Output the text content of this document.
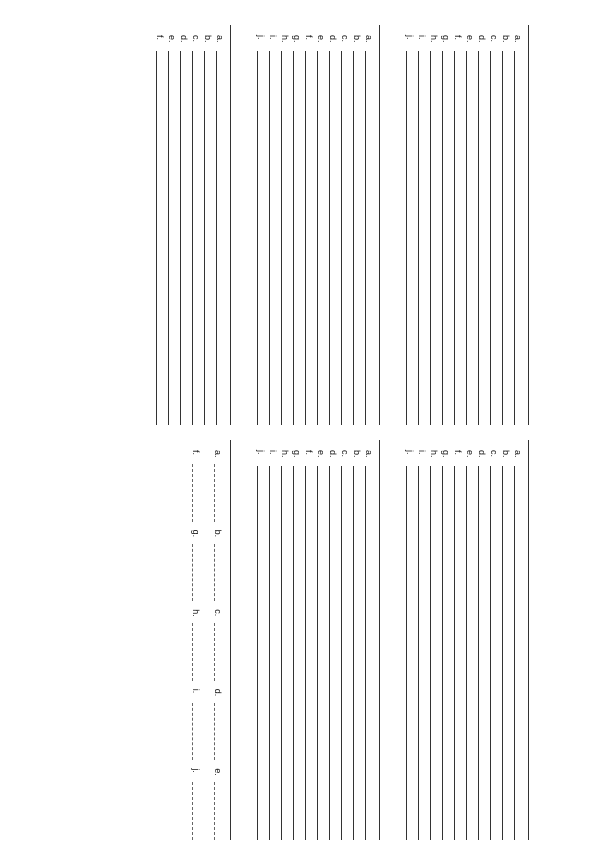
a.
b.
c.
d.
e.
f.
g.
h.
i.
j.
a.
b.
c.
d.
e.
f.
g.
h.
i.
j.
a.
b.
c.
d.
e.
f.
a.
b.
c.
d.
e.
f.
g.
h.
i.
j.
a.
b.
c.
d.
e.
f.
g.
h.
i.
j.
a.
b.
c.
d.
e.
f.
g.
h.
i.
j.
